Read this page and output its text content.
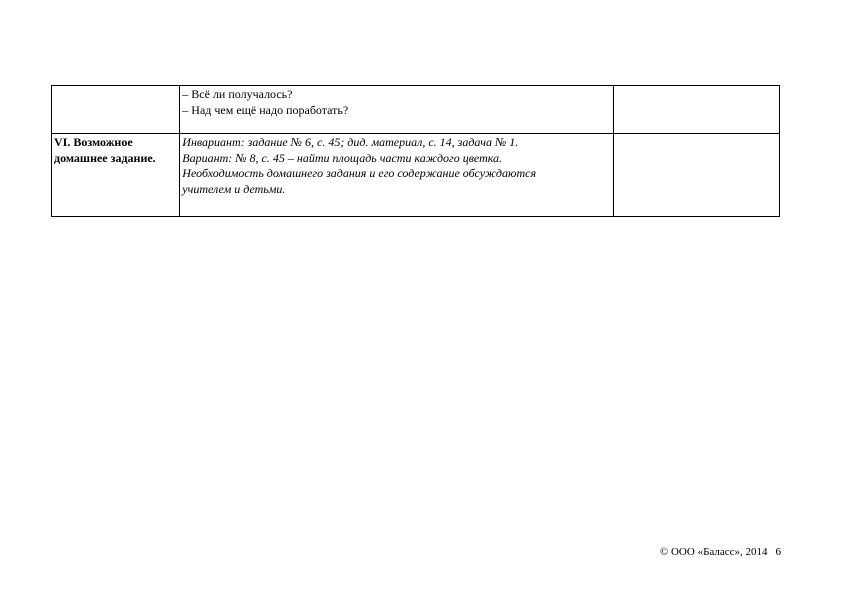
	– Всё ли получалось?
– Над чем ещё надо поработать?	

VI. Возможное домашнее задание.	Инвариант: задание № 6, с. 45; дид. материал, с. 14, задача № 1.
Вариант: № 8, с. 45 – найти площадь части каждого цветка.
Необходимость домашнего задания и его содержание обсуждаются
учителем и детьми.	

© ООО «Баласс», 2014 6
